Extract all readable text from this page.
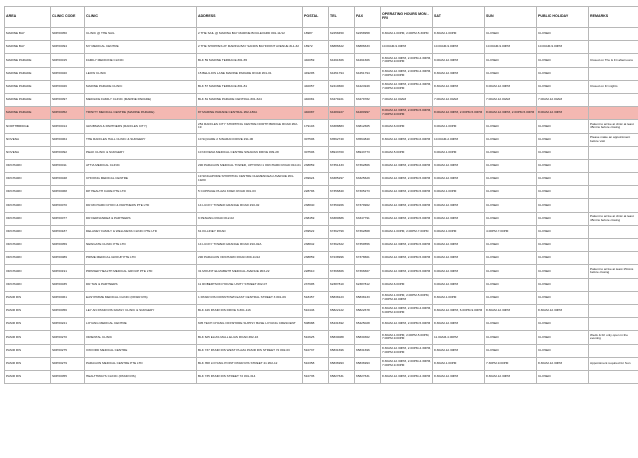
AREA	CLINIC CODE	CLINIC	ADDRESS	POSTAL	TEL	FAX	OPERATING HOURS MON - FRI	SAT	SUN	PUBLIC HOLIDAY	REMARKS
MARINE BAY	SDP00050	CLINIC @ THE SAIL	2 THE SAIL @ MARINA BAY MARINE BOULEVARD #01-11/12	18987	62258450	62258958	8.30AM-1.00PM, 2.00PM-5.30PM	8.30AM-1.00PM	CLOSED	CLOSED	
MARINE BAY	SDP00094	MY MEDICAL CENTRE	2 THE SHOPPES AT MARINA BAY SANDS BAYFRONT AVENUE #L1-32	18972	66886622	66886633	10.00AM-9.00PM	10.00AM-9.00PM	10.00AM-9.00PM	10.00AM-9.00PM	
MARINE PARADE	SDP00015	FAMILY MEDICINE CLINIC	BLK 59 MARINE TERRACE #01-65	440059	64491666	64491666	8.30AM-12.30PM, 2.00PM-4.30PM, 7.00PM-9.00PM	9.00AM-12.30PM	CLOSED	CLOSED	Closed on Thu & Fri afternoons
MARINE PARADE	SDP00020	LEOW CLINIC	15 BELILIOS LANE MARINE PARADE ROAD #01-01	449295	64451794	64451794	8.30AM-12.30PM, 2.00PM-4.30PM, 7.00PM-9.00PM	8.30AM-12.30PM	CLOSED	CLOSED	
MARINE PARADE	SDP00026	MARINE PARADE CLINIC	BLK 57 MARINE TERRACE #01-81	440057	62419660	64424949	8.30AM-12.30PM, 2.00PM-4.30PM, 7.00PM-9.00PM	8.30AM-12.30PM	9.00AM-12.30PM	CLOSED	Closed on Fri nights
MARINE PARADE	SDP00097	MEDILIFE FAMILY CLINIC (MARINE PARADE)	BLK 81 MARINE PARADE CENTRAL #01-624	440081	63479221	63479782	7.00AM-12.00AM	7.00AM-12.00AM	7.00AM-12.00AM	7.00AM-12.00AM	
MARINE PARADE	SDP00052	TRINITY MEDICAL CENTRE (MARINE PARADE)	87 MARINE PARADE CENTRAL #02-186A	440087	64480227	64480997	8.00AM-12.30PM, 2.00PM-5.00PM, 7.00PM-9.00PM	8.00AM-12.30PM, 2.00PM-5.00PM	8.00AM-12.30PM, 2.00PM-5.00PM	8.00AM-12.30PM	
NORTHBRIDGE	SDP00014	GRUBMAN & PARTNERS (RAFFLES CITY)	252 RAFFLES CITY SHOPPING CENTRE NORTH BRIDGE ROAD #02-19	179103	63388883	63812665	9.00AM-6.00PM	9.00AM-1.00PM	CLOSED	CLOSED	Patient to arrive at clinic at least 45mins before closing
NOVENA	SDP00064	THE RAFFLES HALL CLINIC & SURGERY	10 SQUARE 2 SINARAN DRIVE #11-06	307506	63562740	63564840	8.30AM-12.30PM, 2.00PM-6.00PM	10.00AM-2.00PM	CLOSED	CLOSED	Please make an appointment before visit
NOVENA	SDP00092	PEAK CLINIC & SURGERY	10 NOVENA MEDICAL CENTRE SINARAN DRIVE #09-28	307506	68943700	68943773	9.00AM-5.00PM	9.00AM-1.00PM	CLOSED	CLOSED	
ORCHARD	SDP00011	ATTIA MEDICAL CLINIC	290 PARAGON MEDICAL TOWER, UPTOWN 1 ORCHARD ROAD #10-01	238859	67351433	67362866	9.00AM-12.30PM, 2.00PM-6.00PM	9.00AM-12.30PM	CLOSED	CLOSED	
ORCHARD	SDP00048	CHOONG MEDICAL CENTRE	19 SINGAPORE SHOPPING CENTRE CLEMENCEAU AVENUE #01-19/20	239924	63385297	63325629	9.00AM-12.30PM, 2.00PM-5.00PM	9.00AM-12.30PM	CLOSED	CLOSED	
ORCHARD	SDP00068	DP HEALTH CARE PTE LTD	5 CUPPAGE PLAZA KOEK ROAD #01-03	228796	67356840	67305273	9.00AM-12.30PM, 2.00PM-5.00PM	9.00AM-1.00PM	CLOSED	CLOSED	
ORCHARD	SDP00070	DR RICHARD CHOO & PARTNERS PTE LTD	14 LUCKY TOWER GRANGE ROAD #10-02	238840	67350266	67379962	9.00AM-12.30PM, 2.00PM-5.00PM	9.00AM-12.30PM	CLOSED	CLOSED	
ORCHARD	SDP00077	DR FERNANDEZ & PARTNERS	9 PENANG ROAD #12-02	238459	63380686	63347791	9.00AM-12.30PM, 2.00PM-5.00PM	9.00AM-12.30PM	CLOSED	CLOSED	Patient to arrive at clinic at least 45mins before closing
ORCHARD	SDP00187	DELANEY FAMILY & WELLNESS CLINIC PTE LTD	61 KILLINEY ROAD	239522	67362799	67362868	9.00AM-1.00PM, 2.00PM-7.00PM	9.00AM-1.00PM	4.00PM-7.00PM	CLOSED	
ORCHARD	SDP00059	NEWGATE CLINIC PTE LTD	14 LUCKY TOWER GRANGE ROAD #10-02A	238842	67362322	67359556	9.00AM-12.30PM, 2.00PM-5.00PM	9.00AM-12.30PM	CLOSED	CLOSED	
ORCHARD	SDP00089	PRIME MEDICAL GROUP PTE LTD	290 PARAGON ORCHARD ROAD #09-11/12	238859	67238996	67378661	9.00AM-12.30PM, 2.00PM-5.00PM	9.00AM-12.30PM	CLOSED	CLOSED	
ORCHARD	SDP00191	PRINSEP HEALTH MEDICAL GROUP PTE LTD	31 MOUNT ELIZABETH MEDICAL AVENUE #03-22	228510	67366666	67366667	9.00AM-12.30PM, 2.00PM-5.00PM	9.00AM-12.30PM	CLOSED	CLOSED	Patient to arrive at least 15mins before closing
ORCHARD	SDP00035	DR TAN & PARTNERS	11 ROBERTSON HOUSE UNITY STREET #02-07	237995	62387810	62387812	9.00AM-6.00PM	9.00AM-12.30PM	CLOSED	CLOSED	
PASIR RIS	SDP00061	EASYPRIME MEDICAL CLINIC (PASIR RIS)	1 PASIR RIS DOWNTOWN EAST CENTRAL STREET 3 #01-09	518457	65838123	65838133	8.30AM-1.00PM, 2.00PM-5.00PM, 7.00PM-10.00PM	8.30AM-1.00PM	CLOSED	CLOSED	
PASIR RIS	SDP00056	LEY AN PASIR RIS FAMILY CLINIC & SURGERY	BLK 446 PASIR RIS DRIVE 6 #01-116	510446	65822122	65822678	8.30AM-12.30PM, 2.00PM-4.00PM, 6.00PM-9.00PM	8.30AM-12.30PM, 6.00PM-9.00PM	8.30AM-12.30PM	8.30AM-12.30PM	
PASIR RIS	SDP00221	LOYANG MEDICAL CENTRE	605 TECH CHANG OFFSHORE SUPPLY BASE LOYANG CRESCENT	508988	65431692	65425028	8.30AM-12.30PM, 2.00PM-5.00PM	8.30AM-12.30PM	CLOSED	CLOSED	
PASIR RIS	SDP00270	ORIENTAL CLINIC	BLK 625 ELIAS MALL ELIAS ROAD #02-16	510625	65830088	65830362	8.30AM-1.00PM, 2.00PM-5.00PM, 7.00PM-9.00PM	11.00AM-4.00PM	CLOSED	CLOSED	Weds & Fri only open in the evening
PASIR RIS	SDP00275	OXFORD MEDICAL CENTRE	BLK 737 PASIR RIS WEST PLAZA PASIR RIS STREET 72 #02-03	510737	65831696	65831696	8.30AM-12.30PM, 2.00PM-4.30PM, 7.00PM-9.00PM	8.30AM-12.30PM	CLOSED	CLOSED	
PASIR RIS	SDP00279	PARAGON MEDICAL CENTRE PTE LTD	BLK 358 LOYANG POINT PASIR RIS STREET 21 #02-12	510358	65836993	65836993	8.30AM-12.30PM, 2.00PM-4.30PM, 7.00PM-9.30PM	8.30AM-1.00PM	7.30PM-9.00PM	8.30AM-12.30PM	Appointment required for Sun
PASIR RIS	SDP00055	HEALTHWAYS CLINIC (PASIR RIS)	BLK 735 PASIR RIS STREET 72 #01-314	510735	65827631	65827631	8.30AM-12.30PM, 2.00PM-4.30PM	8.30AM-12.30PM	8.30AM-12.30PM	CLOSED	
